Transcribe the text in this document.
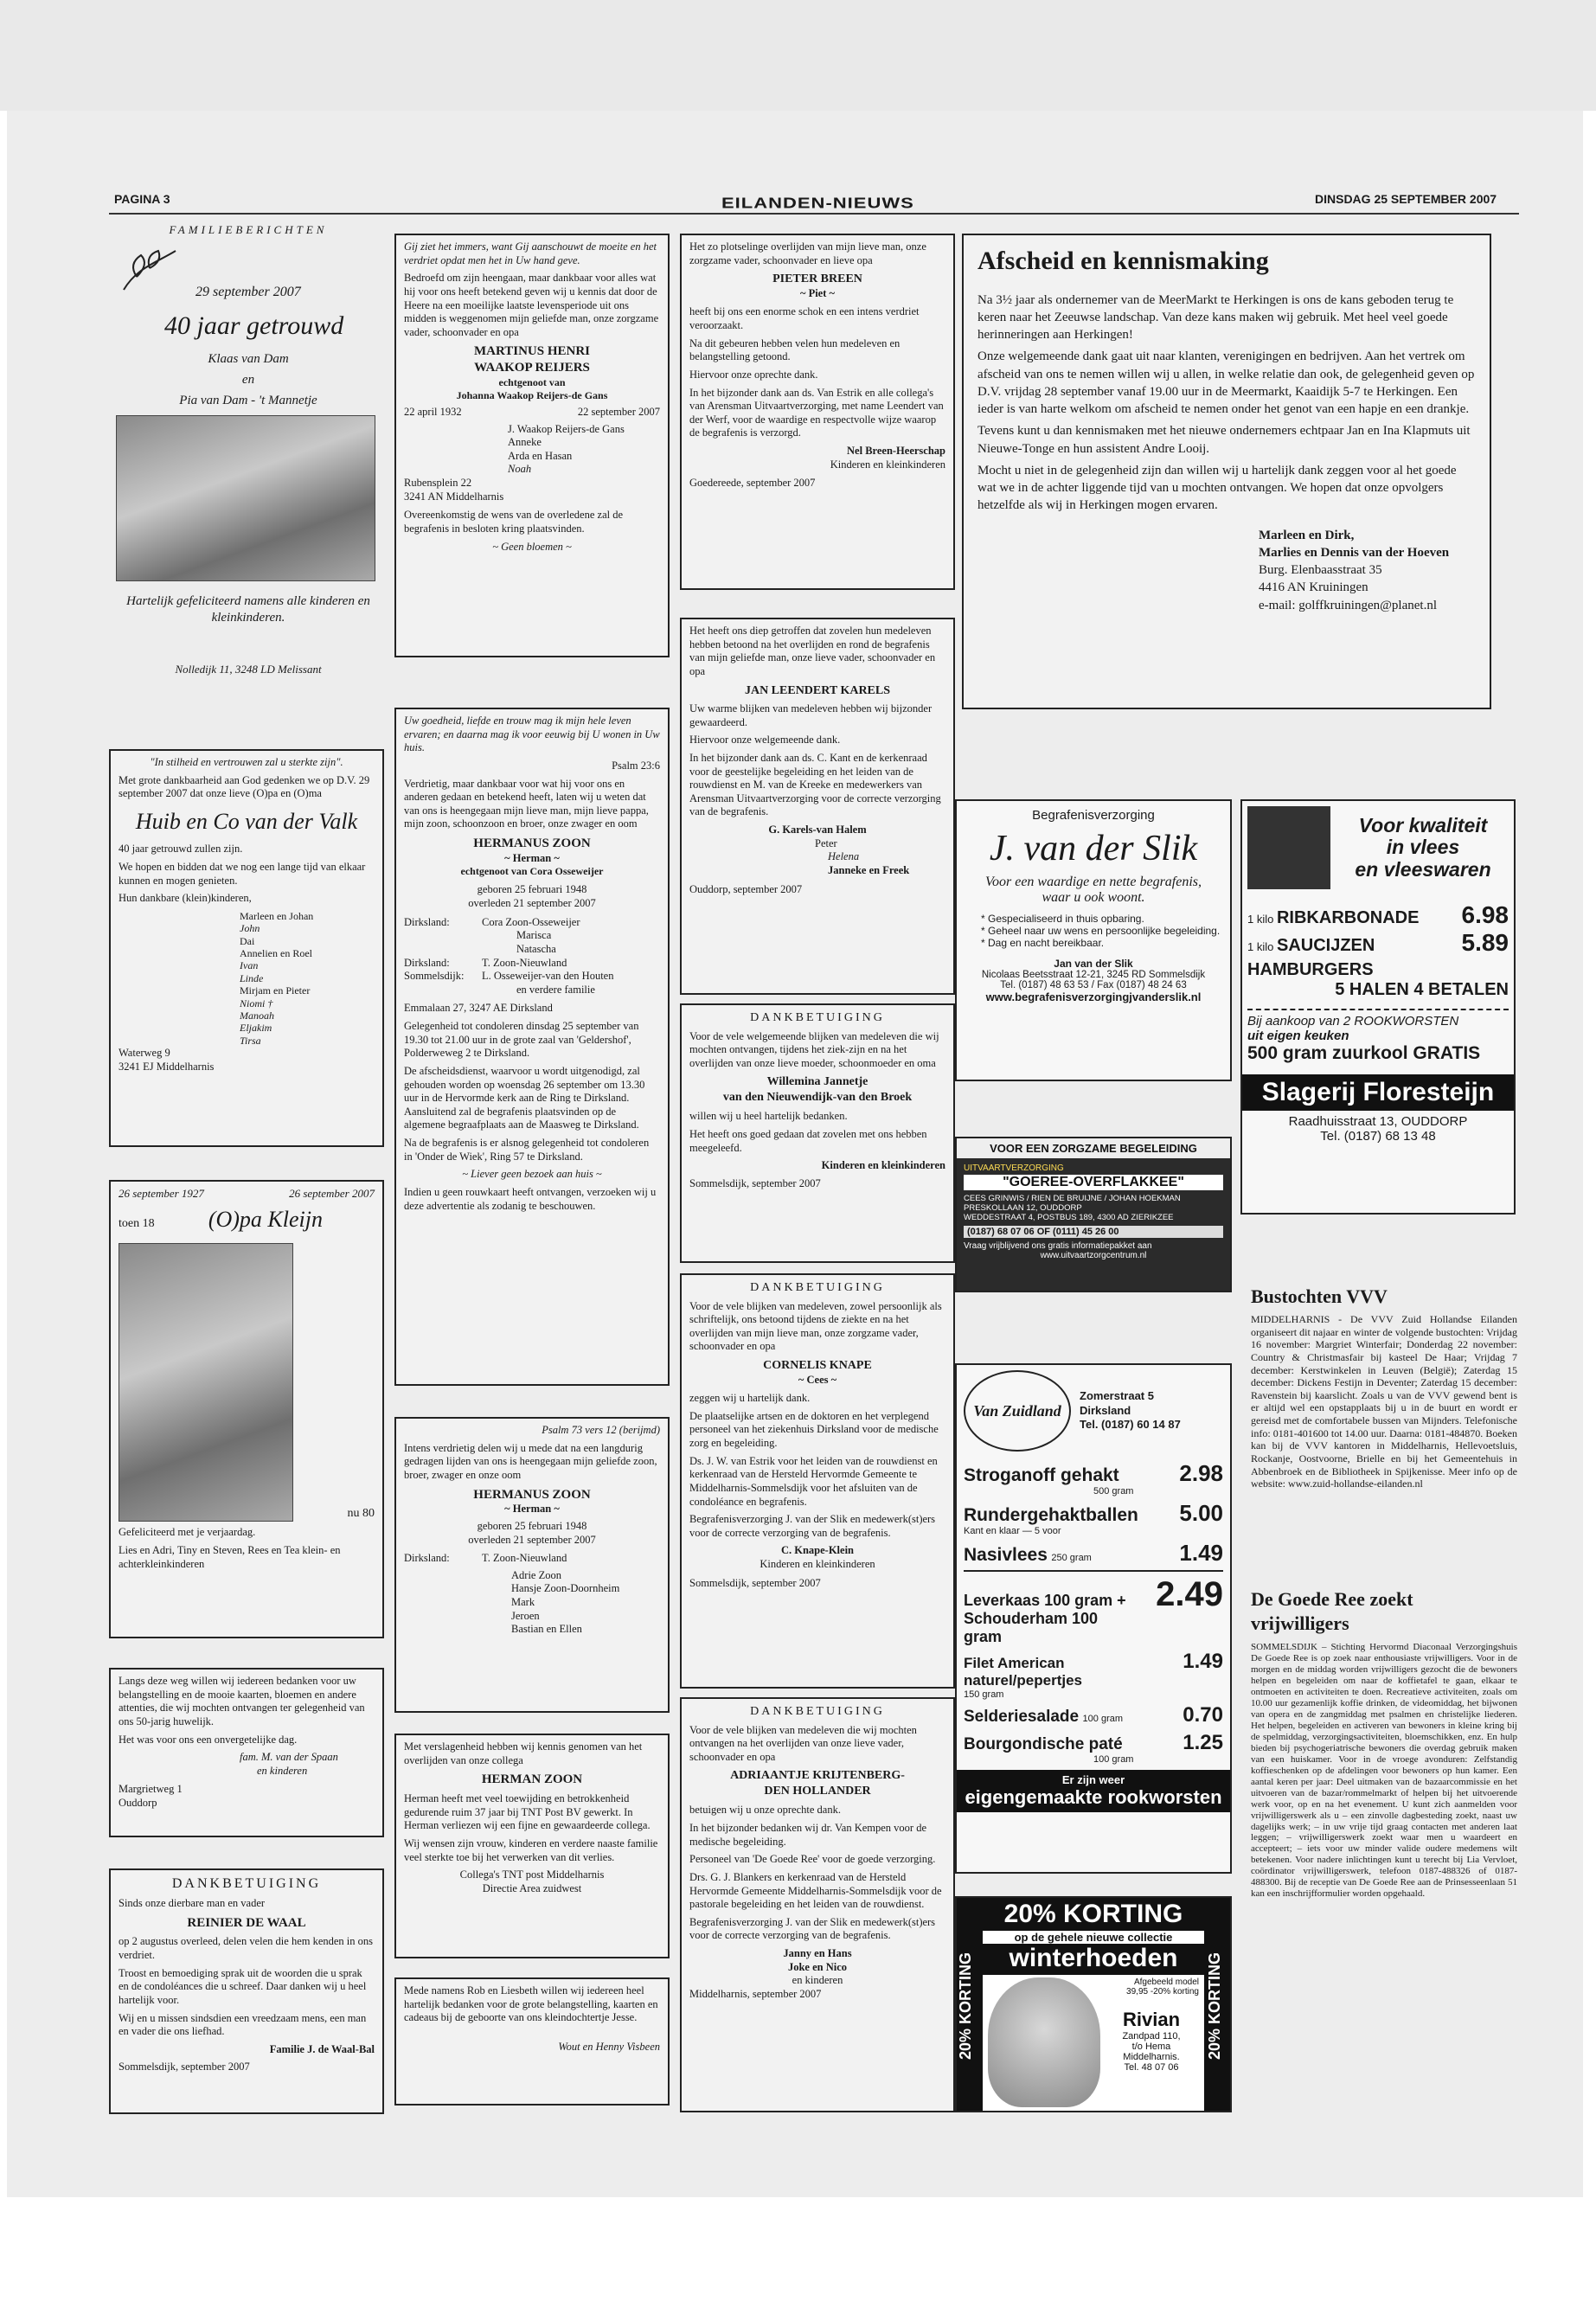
PAGINA 3	EILANDEN-NIEUWS	DINSDAG 25 SEPTEMBER 2007
FAMILIEBERICHTEN
29 september 2007
40 jaar getrouwd
Klaas van Dam
en
Pia van Dam - 't Mannetje
Hartelijk gefeliciteerd namens alle kinderen en kleinkinderen.
Nolledijk 11, 3248 LD Melissant

"In stilheid en vertrouwen zal u sterkte zijn".

Met grote dankbaarheid aan God gedenken we op D.V. 29 september 2007 dat onze lieve (O)pa en (O)ma

Huib en Co van der Valk

40 jaar getrouwd zullen zijn.

We hopen en bidden dat we nog een lange tijd van elkaar kunnen en mogen genieten.

Hun dankbare (klein)kinderen,

Marleen en Johan
John
Dai
Annelien en Roel
Ivan
Linde
Mirjam en Pieter
Niomi †
Manoah
Eljakim
Tirsa
Waterweg 9
3241 EJ Middelharnis
26 september 1927	26 september 2007
toen 18 (O)pa Kleijn
nu 80

Gefeliciteerd met je verjaardag.

Lies en Adri, Tiny en Steven, Rees en Tea klein- en achterkleinkinderen

Langs deze weg willen wij iedereen bedanken voor uw belangstelling en de mooie kaarten, bloemen en andere attenties, die wij mochten ontvangen ter gelegenheid van ons 50-jarig huwelijk.

Het was voor ons een onvergetelijke dag.

fam. M. van der Spaan
en kinderen
Margrietweg 1
Ouddorp

DANKBETUIGING

Sinds onze dierbare man en vader

REINIER DE WAAL

op 2 augustus overleed, delen velen die hem kenden in ons verdriet.

Troost en bemoediging sprak uit de woorden die u sprak en de condoléances die u schreef. Daar danken wij u heel hartelijk voor.

Wij en u missen sindsdien een vreedzaam mens, een man en vader die ons liefhad.

Familie J. de Waal-Bal

Sommelsdijk, september 2007

Gij ziet het immers, want Gij aanschouwt de moeite en het verdriet opdat men het in Uw hand geve.

Bedroefd om zijn heengaan, maar dankbaar voor alles wat hij voor ons heeft betekend geven wij u kennis dat door de Heere na een moeilijke laatste levensperiode uit ons midden is weggenomen mijn geliefde man, onze zorgzame vader, schoonvader en opa

MARTINUS HENRI
WAAKOP REIJERS
echtgenoot van
Johanna Waakop Reijers-de Gans
22 april 1932	22 september 2007
J. Waakop Reijers-de Gans
Anneke
Arda en Hasan
Noah
Rubensplein 22
3241 AN Middelharnis

Overeenkomstig de wens van de overledene zal de begrafenis in besloten kring plaatsvinden.

~ Geen bloemen ~

Uw goedheid, liefde en trouw mag ik mijn hele leven ervaren; en daarna mag ik voor eeuwig bij U wonen in Uw huis.

Psalm 23:6

Verdrietig, maar dankbaar voor wat hij voor ons en anderen gedaan en betekend heeft, laten wij u weten dat van ons is heengegaan mijn lieve man, mijn lieve pappa, mijn zoon, schoonzoon en broer, onze zwager en oom

HERMANUS ZOON
~ Herman ~
echtgenoot van Cora Osseweijer
geboren 25 februari 1948
overleden 21 september 2007
Dirksland:	Cora Zoon-Osseweijer
Marisca
Natascha
Dirksland:	T. Zoon-Nieuwland
Sommelsdijk:	L. Osseweijer-van den Houten
en verdere familie

Emmalaan 27, 3247 AE Dirksland

Gelegenheid tot condoleren dinsdag 25 september van 19.30 tot 21.00 uur in de grote zaal van 'Geldershof', Polderweweg 2 te Dirksland.

De afscheidsdienst, waarvoor u wordt uitgenodigd, zal gehouden worden op woensdag 26 september om 13.30 uur in de Hervormde kerk aan de Ring te Dirksland. Aansluitend zal de begrafenis plaatsvinden op de algemene begraafplaats aan de Maasweg te Dirksland.

Na de begrafenis is er alsnog gelegenheid tot condoleren in 'Onder de Wiek', Ring 57 te Dirksland.

~ Liever geen bezoek aan huis ~

Indien u geen rouwkaart heeft ontvangen, verzoeken wij u deze advertentie als zodanig te beschouwen.

Psalm 73 vers 12 (berijmd)

Intens verdrietig delen wij u mede dat na een langdurig gedragen lijden van ons is heengegaan mijn geliefde zoon, broer, zwager en onze oom

HERMANUS ZOON
~ Herman ~
geboren 25 februari 1948
overleden 21 september 2007
Dirksland:	T. Zoon-Nieuwland
Adrie Zoon
Hansje Zoon-Doornheim
Mark
Jeroen
Bastian en Ellen

Met verslagenheid hebben wij kennis genomen van het overlijden van onze collega

HERMAN ZOON

Herman heeft met veel toewijding en betrokkenheid gedurende ruim 37 jaar bij TNT Post BV gewerkt. In Herman verliezen wij een fijne en gewaardeerde collega.

Wij wensen zijn vrouw, kinderen en verdere naaste familie veel sterkte toe bij het verwerken van dit verlies.

Collega's TNT post Middelharnis
Directie Area zuidwest

Mede namens Rob en Liesbeth willen wij iedereen heel hartelijk bedanken voor de grote belangstelling, kaarten en cadeaus bij de geboorte van ons kleindochtertje Jesse.

Wout en Henny Visbeen

Het zo plotselinge overlijden van mijn lieve man, onze zorgzame vader, schoonvader en lieve opa

PIETER BREEN
~ Piet ~

heeft bij ons een enorme schok en een intens verdriet veroorzaakt.

Na dit gebeuren hebben velen hun medeleven en belangstelling getoond.

Hiervoor onze oprechte dank.

In het bijzonder dank aan ds. Van Estrik en alle collega's van Arensman Uitvaartverzorging, met name Leendert van der Werf, voor de waardige en respectvolle wijze waarop de begrafenis is verzorgd.

Nel Breen-Heerschap
Kinderen en kleinkinderen

Goedereede, september 2007

Het heeft ons diep getroffen dat zovelen hun medeleven hebben betoond na het overlijden en rond de begrafenis van mijn geliefde man, onze lieve vader, schoonvader en opa

JAN LEENDERT KARELS

Uw warme blijken van medeleven hebben wij bijzonder gewaardeerd.

Hiervoor onze welgemeende dank.

In het bijzonder dank aan ds. C. Kant en de kerkenraad voor de geestelijke begeleiding en het leiden van de rouwdienst en M. van de Kreeke en medewerkers van Arensman Uitvaartverzorging voor de correcte verzorging van de begrafenis.

G. Karels-van Halem
Peter
Helena
Janneke en Freek

Ouddorp, september 2007

DANKBETUIGING

Voor de vele welgemeende blijken van medeleven die wij mochten ontvangen, tijdens het ziek-zijn en na het overlijden van onze lieve moeder, schoonmoeder en oma

Willemina Jannetje
van den Nieuwendijk-van den Broek

willen wij u heel hartelijk bedanken.

Het heeft ons goed gedaan dat zovelen met ons hebben meegeleefd.

Kinderen en kleinkinderen

Sommelsdijk, september 2007

DANKBETUIGING

Voor de vele blijken van medeleven, zowel persoonlijk als schriftelijk, ons betoond tijdens de ziekte en na het overlijden van mijn lieve man, onze zorgzame vader, schoonvader en opa

CORNELIS KNAPE
~ Cees ~

zeggen wij u hartelijk dank.

De plaatselijke artsen en de doktoren en het verplegend personeel van het ziekenhuis Dirksland voor de medische zorg en begeleiding.

Ds. J. W. van Estrik voor het leiden van de rouwdienst en kerkenraad van de Hersteld Hervormde Gemeente te Middelharnis-Sommelsdijk voor het afsluiten van de condoléance en begrafenis.

Begrafenisverzorging J. van der Slik en medewerk(st)ers voor de correcte verzorging van de begrafenis.

C. Knape-Klein
Kinderen en kleinkinderen

Sommelsdijk, september 2007

DANKBETUIGING

Voor de vele blijken van medeleven die wij mochten ontvangen na het overlijden van onze lieve vader, schoonvader en opa

ADRIAANTJE KRIJTENBERG-
DEN HOLLANDER

betuigen wij u onze oprechte dank.

In het bijzonder bedanken wij dr. Van Kempen voor de medische begeleiding.

Personeel van 'De Goede Ree' voor de goede verzorging.

Drs. G. J. Blankers en kerkenraad van de Hersteld Hervormde Gemeente Middelharnis-Sommelsdijk voor de pastorale begeleiding en het leiden van de rouwdienst.

Begrafenisverzorging J. van der Slik en medewerk(st)ers voor de correcte verzorging van de begrafenis.

Janny en Hans
Joke en Nico
en kinderen

Middelharnis, september 2007

Afscheid en kennismaking

Na 3½ jaar als ondernemer van de MeerMarkt te Herkingen is ons de kans geboden terug te keren naar het Zeeuwse landschap. Van deze kans maken wij gebruik. Met heel veel goede herinneringen aan Herkingen!

Onze welgemeende dank gaat uit naar klanten, verenigingen en bedrijven. Aan het vertrek om afscheid van ons te nemen willen wij u allen, in welke relatie dan ook, de gelegenheid geven op D.V. vrijdag 28 september vanaf 19.00 uur in de Meermarkt, Kaaidijk 5-7 te Herkingen. Een ieder is van harte welkom om afscheid te nemen onder het genot van een hapje en een drankje.

Tevens kunt u dan kennismaken met het nieuwe ondernemers echtpaar Jan en Ina Klapmuts uit Nieuwe-Tonge en hun assistent Andre Looij.

Mocht u niet in de gelegenheid zijn dan willen wij u hartelijk dank zeggen voor al het goede wat we in de achter liggende tijd van u mochten ontvangen. We hopen dat onze opvolgers hetzelfde als wij in Herkingen mogen ervaren.

Marleen en Dirk,
Marlies en Dennis van der Hoeven
Burg. Elenbaasstraat 35
4416 AN Kruiningen
e-mail: golffkruiningen@planet.nl
Begrafenisverzorging
J. van der Slik
Voor een waardige en nette begrafenis,
waar u ook woont.
* Gespecialiseerd in thuis opbaring.
* Geheel naar uw wens en persoonlijke begeleiding.
* Dag en nacht bereikbaar.
Jan van der Slik
Nicolaas Beetsstraat 12-21, 3245 RD Sommelsdijk
Tel. (0187) 48 63 53 / Fax (0187) 48 24 63
www.begrafenisverzorgingjvanderslik.nl
VOOR EEN ZORGZAME BEGELEIDING
UITVAARTVERZORGING
"GOEREE-OVERFLAKKEE"
CEES GRINWIS / RIEN DE BRUIJNE / JOHAN HOEKMAN
PRESKOLLAAN 12, OUDDORP
WEDDESTRAAT 4, POSTBUS 189, 4300 AD ZIERIKZEE
(0187) 68 07 06 OF (0111) 45 26 00
Vraag vrijblijvend ons gratis informatiepakket aan
www.uitvaartzorgcentrum.nl
Voor kwaliteit
in vlees
en vleeswaren
1 kilo RIBKARBONADE 6.98
1 kilo SAUCIJZEN	5.89
HAMBURGERS
5 HALEN 4 BETALEN
Bij aankoop van 2 ROOKWORSTEN
uit eigen keuken
500 gram zuurkool GRATIS
Slagerij Floresteijn
Raadhuisstraat 13, OUDDORP
Tel. (0187) 68 13 48
Van Zuidland
Zomerstraat 5
Dirksland
Tel. (0187) 60 14 87
Stroganoff gehakt
500 gram
2.98
Rundergehaktballen
Kant en klaar — 5 voor
5.00
Nasivlees 250 gram	1.49
Leverkaas 100 gram + Schouderham 100 gram
2.49
Filet American naturel/pepertjes
150 gram
1.49
Selderiesalade 100 gram	0.70
Bourgondische paté
100 gram
1.25
Er zijn weer
eigengemaakte rookworsten
20% KORTING	20% KORTING
20% KORTING
op de gehele nieuwe collectie
winterhoeden
Afgebeeld model
39,95 -20% korting
Rivian
Zandpad 110,
t/o Hema
Middelharnis.
Tel. 48 07 06
Bustochten VVV
MIDDELHARNIS - De VVV Zuid Hollandse Eilanden organiseert dit najaar en winter de volgende bustochten: Vrijdag 16 november: Margriet Winterfair; Donderdag 22 november: Country & Christmasfair bij kasteel De Haar; Vrijdag 7 december: Kerstwinkelen in Leuven (België); Zaterdag 15 december: Dickens Festijn in Deventer; Zaterdag 15 december: Ravenstein bij kaarslicht. Zoals u van de VVV gewend bent is er altijd wel een opstapplaats bij u in de buurt en wordt er gereisd met de comfortabele bussen van Mijnders. Telefonische info: 0181-401600 tot 14.00 uur. Daarna: 0181-484870. Boeken kan bij de VVV kantoren in Middelharnis, Hellevoetsluis, Rockanje, Oostvoorne, Brielle en bij het Gemeentehuis in Abbenbroek en de Bibliotheek in Spijkenisse. Meer info op de website: www.zuid-hollandse-eilanden.nl
De Goede Ree zoekt
vrijwilligers
SOMMELSDIJK – Stichting Hervormd Diaconaal Verzorgingshuis De Goede Ree is op zoek naar enthousiaste vrijwilligers. Voor in de morgen en de middag worden vrijwilligers gezocht die de bewoners helpen en begeleiden om naar de koffietafel te gaan, elkaar te ontmoeten en activiteiten te doen. Recreatieve activiteiten, zoals om 10.00 uur gezamenlijk koffie drinken, de videomiddag, het bijwonen van opera en de zangmiddag met psalmen en christelijke liederen. Het helpen, begeleiden en activeren van bewoners in kleine kring bij de spelmiddag, verzorgingsactiviteiten, bloemschikken, enz. En hulp bieden bij psychogeriatrische bewoners die overdag gebruik maken van een huiskamer. Voor in de vroege avonduren: Zelfstandig koffieschenken op de afdelingen voor bewoners op hun kamer. Een aantal keren per jaar: Deel uitmaken van de bazaarcommissie en het uitvoeren van de bazar/rommelmarkt of helpen bij het uitvoerende werk voor, op en na het evenement. U kunt zich aanmelden voor vrijwilligerswerk als u – een zinvolle dagbesteding zoekt, naast uw dagelijks werk; – in uw vrije tijd graag contacten met anderen laat leggen; – vrijwilligerswerk zoekt waar men u waardeert en accepteert; – iets voor uw minder valide oudere medemens wilt betekenen. Voor nadere inlichtingen kunt u terecht bij Lia Vervloet, coördinator vrijwilligerswerk, telefoon 0187-488326 of 0187-488300. Bij de receptie van De Goede Ree aan de Prinsesseenlaan 51 kan een inschrijfformulier worden opgehaald.
